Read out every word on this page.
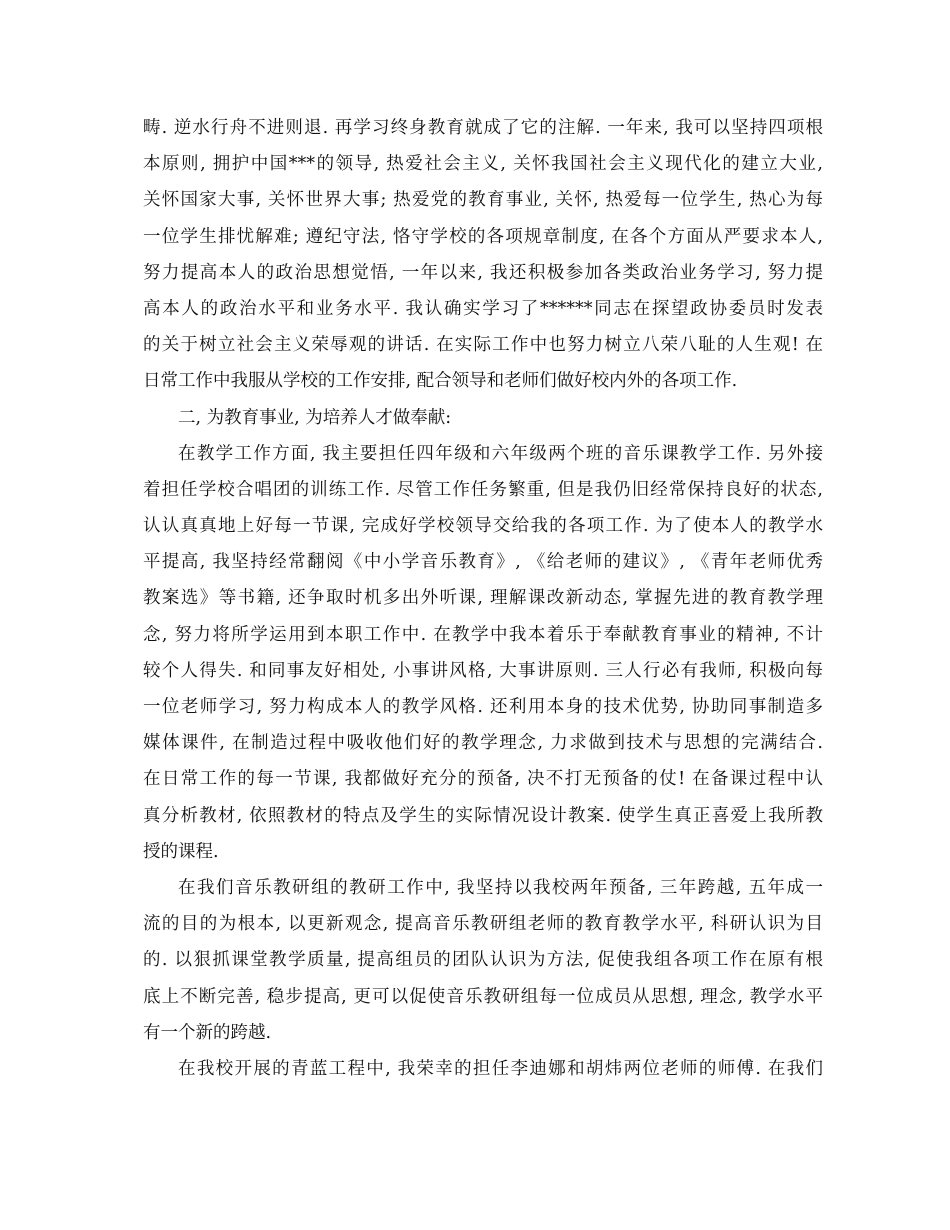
畴. 逆水行舟不进则退. 再学习终身教育就成了它的注解. 一年来, 我可以坚持四项根
本原则, 拥护中国***的领导, 热爱社会主义, 关怀我国社会主义现代化的建立大业,
关怀国家大事, 关怀世界大事; 热爱党的教育事业, 关怀, 热爱每一位学生, 热心为每
一位学生排忧解难; 遵纪守法, 恪守学校的各项规章制度, 在各个方面从严要求本人,
努力提高本人的政治思想觉悟, 一年以来, 我还积极参加各类政治业务学习, 努力提
高本人的政治水平和业务水平. 我认确实学习了******同志在探望政协委员时发表
的关于树立社会主义荣辱观的讲话. 在实际工作中也努力树立八荣八耻的人生观! 在
日常工作中我服从学校的工作安排, 配合领导和老师们做好校内外的各项工作.
二, 为教育事业, 为培养人才做奉献:
在教学工作方面, 我主要担任四年级和六年级两个班的音乐课教学工作. 另外接
着担任学校合唱团的训练工作. 尽管工作任务繁重, 但是我仍旧经常保持良好的状态,
认认真真地上好每一节课, 完成好学校领导交给我的各项工作. 为了使本人的教学水
平提高, 我坚持经常翻阅《中小学音乐教育》, 《给老师的建议》, 《青年老师优秀
教案选》等书籍, 还争取时机多出外听课, 理解课改新动态, 掌握先进的教育教学理
念, 努力将所学运用到本职工作中. 在教学中我本着乐于奉献教育事业的精神, 不计
较个人得失. 和同事友好相处, 小事讲风格, 大事讲原则. 三人行必有我师, 积极向每
一位老师学习, 努力构成本人的教学风格. 还利用本身的技术优势, 协助同事制造多
媒体课件, 在制造过程中吸收他们好的教学理念, 力求做到技术与思想的完满结合.
在日常工作的每一节课, 我都做好充分的预备, 决不打无预备的仗! 在备课过程中认
真分析教材, 依照教材的特点及学生的实际情况设计教案. 使学生真正喜爱上我所教
授的课程.
在我们音乐教研组的教研工作中, 我坚持以我校两年预备, 三年跨越, 五年成一
流的目的为根本, 以更新观念, 提高音乐教研组老师的教育教学水平, 科研认识为目
的. 以狠抓课堂教学质量, 提高组员的团队认识为方法, 促使我组各项工作在原有根
底上不断完善, 稳步提高, 更可以促使音乐教研组每一位成员从思想, 理念, 教学水平
有一个新的跨越.
在我校开展的青蓝工程中, 我荣幸的担任李迪娜和胡炜两位老师的师傅. 在我们
